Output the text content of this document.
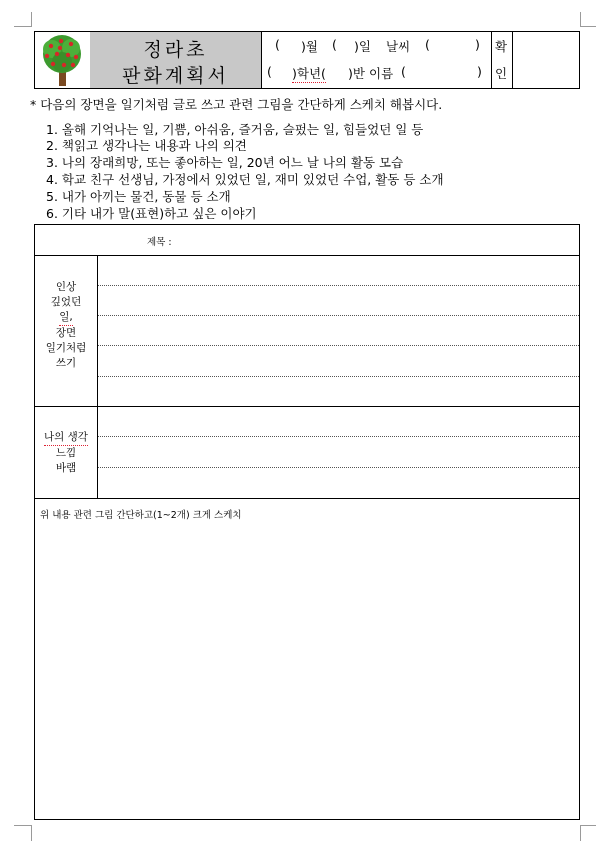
정라초
판화계획서
( )월 ( )일 날씨 (	)
( )학년( )반 이름 (	)
확
인
* 다음의 장면을 일기처럼 글로 쓰고 관련 그림을 간단하게 스케치 해봅시다.
1. 올해 기억나는 일, 기쁨, 아쉬움, 즐거움, 슬펐는 일, 힘들었던 일 등
2. 책읽고 생각나는 내용과 나의 의견
3. 나의 장래희망, 또는 좋아하는 일, 20년 어느 날 나의 활동 모습
4. 학교 친구 선생님, 가정에서 있었던 일, 재미 있었던 수업, 활동 등 소개
5. 내가 아끼는 물건, 동물 등 소개
6. 기타 내가 말(표현)하고 싶은 이야기
제목 :
인상
깊었던
일,
장면
일기처럼
쓰기
나의 생각
느낌
바램
위 내용 관련 그림 간단하고(1~2개) 크게 스케치
